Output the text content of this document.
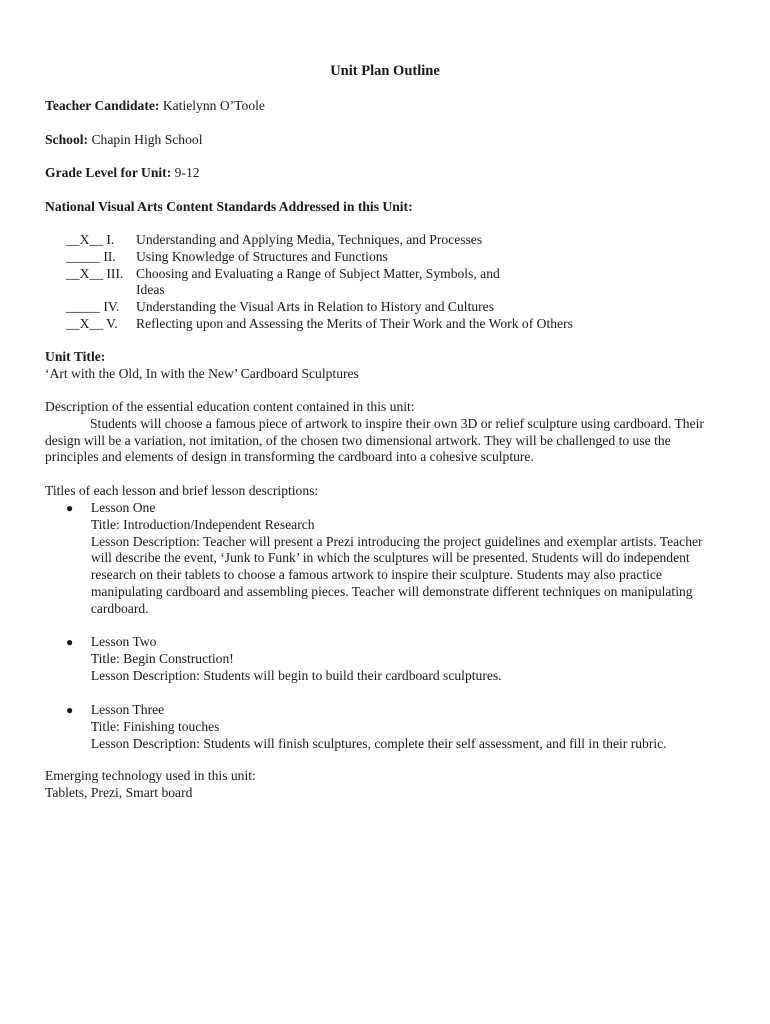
Unit Plan Outline
Teacher Candidate: Katielynn O’Toole
School: Chapin High School
Grade Level for Unit: 9-12
National Visual Arts Content Standards Addressed in this Unit:
__X__ I.	Understanding and Applying Media, Techniques, and Processes
_____ II.	Using Knowledge of Structures and Functions
__X__ III. Choosing and Evaluating a Range of Subject Matter, Symbols, and Ideas
_____ IV.	Understanding the Visual Arts in Relation to History and Cultures
__X__ V.	Reflecting upon and Assessing the Merits of Their Work and the Work of Others
Unit Title:
‘Art with the Old, In with the New’ Cardboard Sculptures
Description of the essential education content contained in this unit:
Students will choose a famous piece of artwork to inspire their own 3D or relief sculpture using cardboard. Their design will be a variation, not imitation, of the chosen two dimensional artwork. They will be challenged to use the principles and elements of design in transforming the cardboard into a cohesive sculpture.
Titles of each lesson and brief lesson descriptions:
●	Lesson One
Title: Introduction/Independent Research
Lesson Description: Teacher will present a Prezi introducing the project guidelines and exemplar artists. Teacher will describe the event, ‘Junk to Funk’ in which the sculptures will be presented. Students will do independent research on their tablets to choose a famous artwork to inspire their sculpture. Students may also practice manipulating cardboard and assembling pieces. Teacher will demonstrate different techniques on manipulating cardboard.
●	Lesson Two
Title: Begin Construction!
Lesson Description: Students will begin to build their cardboard sculptures.
●	Lesson Three
Title: Finishing touches
Lesson Description: Students will finish sculptures, complete their self assessment, and fill in their rubric.
Emerging technology used in this unit:
Tablets, Prezi, Smart board
